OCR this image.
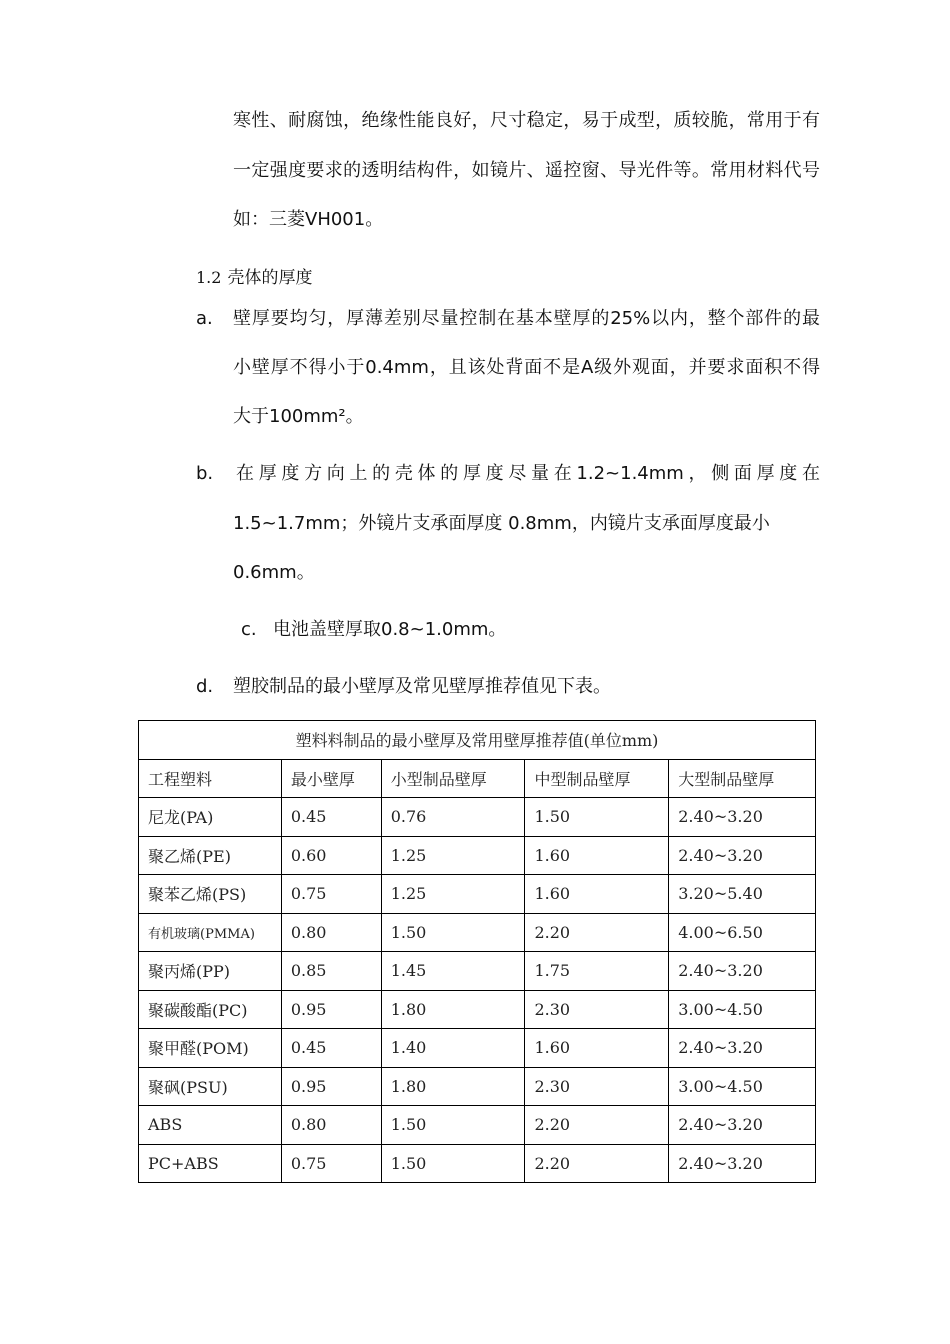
寒性、耐腐蚀，绝缘性能良好，尺寸稳定，易于成型，质较脆，常用于有
一定强度要求的透明结构件，如镜片、遥控窗、导光件等。常用材料代号
如：三菱VH001。
1.2 壳体的厚度
a. 壁厚要均匀，厚薄差别尽量控制在基本壁厚的25%以内，整个部件的最
小壁厚不得小于0.4mm，且该处背面不是A级外观面，并要求面积不得
大于100mm²。
b. 在厚度方向上的壳体的厚度尽量在1.2~1.4mm，侧面厚度在
1.5~1.7mm；外镜片支承面厚度 0.8mm，内镜片支承面厚度最小
0.6mm。
c. 电池盖壁厚取0.8~1.0mm。
d. 塑胶制品的最小壁厚及常见壁厚推荐值见下表。
塑料料制品的最小壁厚及常用壁厚推荐值(单位mm)				
工程塑料	最小壁厚	小型制品壁厚	中型制品壁厚	大型制品壁厚
尼龙(PA)	0.45	0.76	1.50	2.40~3.20
聚乙烯(PE)	0.60	1.25	1.60	2.40~3.20
聚苯乙烯(PS)	0.75	1.25	1.60	3.20~5.40
有机玻璃(PMMA)	0.80	1.50	2.20	4.00~6.50
聚丙烯(PP)	0.85	1.45	1.75	2.40~3.20
聚碳酸酯(PC)	0.95	1.80	2.30	3.00~4.50
聚甲醛(POM)	0.45	1.40	1.60	2.40~3.20
聚砜(PSU)	0.95	1.80	2.30	3.00~4.50
ABS	0.80	1.50	2.20	2.40~3.20
PC+ABS	0.75	1.50	2.20	2.40~3.20
